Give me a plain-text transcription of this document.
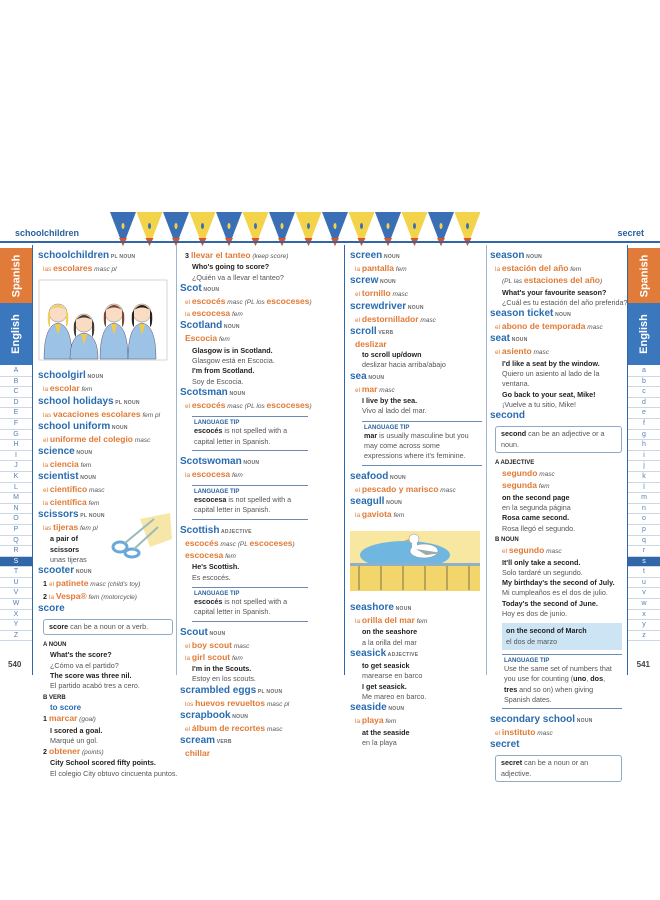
schoolchildren	secret
Spanish
English
Spanish
English
A
B
C
D
E
F
G
H
I
J
K
L
M
N
O
P
Q
R
S
T
U
V
W
X
Y
Z
a
b
c
d
e
f
g
h
i
j
k
l
m
n
o
p
q
r
s
t
u
v
w
x
y
z
540	541
schoolchildren PL NOUN
las escolares masc pl
schoolgirl NOUN
la escolar fem
school holidays PL NOUN
las vacaciones escolares fem pl
school uniform NOUN
el uniforme del colegio masc
science NOUN
la ciencia fem
scientist NOUN
el científico masc
la científica fem
scissors PL NOUN
las tijeras fem pl
a pair of
scissors
unas tijeras
scooter NOUN
1 el patinete masc (child's toy)
2 la Vespa® fem (motorcycle)
score
score can be a noun or a verb.
A NOUN
What's the score?
¿Cómo va el partido?
The score was three nil.
El partido acabó tres a cero.
B VERB
to score
1 marcar (goal)
I scored a goal.
Marqué un gol.
2 obtener (points)
City School scored fifty points.
El colegio City obtuvo cincuenta puntos.
3 llevar el tanteo (keep score)
Who's going to score?
¿Quién va a llevar el tanteo?
Scot NOUN
el escocés masc (PL los escoceses)
la escocesa fem
Scotland NOUN
Escocia fem
Glasgow is in Scotland.
Glasgow está en Escocia.
I'm from Scotland.
Soy de Escocia.
Scotsman NOUN
el escocés masc (PL los escoceses)
LANGUAGE TIP
escocés is not spelled with a capital letter in Spanish.
Scotswoman NOUN
la escocesa fem
LANGUAGE TIP
escocesa is not spelled with a capital letter in Spanish.
Scottish ADJECTIVE
escocés masc (PL escoceses)
escocesa fem
He's Scottish.
Es escocés.
LANGUAGE TIP
escocés is not spelled with a capital letter in Spanish.
Scout NOUN
el boy scout masc
la girl scout fem
I'm in the Scouts.
Estoy en los scouts.
scrambled eggs PL NOUN
los huevos revueltos masc pl
scrapbook NOUN
el álbum de recortes masc
scream VERB
chillar
screen NOUN
la pantalla fem
screw NOUN
el tornillo masc
screwdriver NOUN
el destornillador masc
scroll VERB
deslizar
to scroll up/down
deslizar hacia arriba/abajo
sea NOUN
el mar masc
I live by the sea.
Vivo al lado del mar.
LANGUAGE TIP
mar is usually masculine but you may come across some expressions where it's feminine.
seafood NOUN
el pescado y marisco masc
seagull NOUN
la gaviota fem
seashore NOUN
la orilla del mar fem
on the seashore
a la orilla del mar
seasick ADJECTIVE
to get seasick
marearse en barco
I get seasick.
Me mareo en barco.
seaside NOUN
la playa fem
at the seaside
en la playa
season NOUN
la estación del año fem
(PL las estaciones del año)
What's your favourite season?
¿Cuál es tu estación del año preferida?
season ticket NOUN
el abono de temporada masc
seat NOUN
el asiento masc
I'd like a seat by the window.
Quiero un asiento al lado de la
ventana.
Go back to your seat, Mike!
¡Vuelve a tu sitio, Mike!
second
second can be an adjective or a noun.
A ADJECTIVE
segundo masc
segunda fem
on the second page
en la segunda página
Rosa came second.
Rosa llegó el segundo.
B NOUN
el segundo masc
It'll only take a second.
Solo tardaré un segundo.
My birthday's the second of July.
Mi cumpleaños es el dos de julio.
Today's the second of June.
Hoy es dos de junio.
on the second of March
el dos de marzo
LANGUAGE TIP
Use the same set of numbers that you use for counting (uno, dos, tres and so on) when giving Spanish dates.
secondary school NOUN
el instituto masc
secret
secret can be a noun or an adjective.
